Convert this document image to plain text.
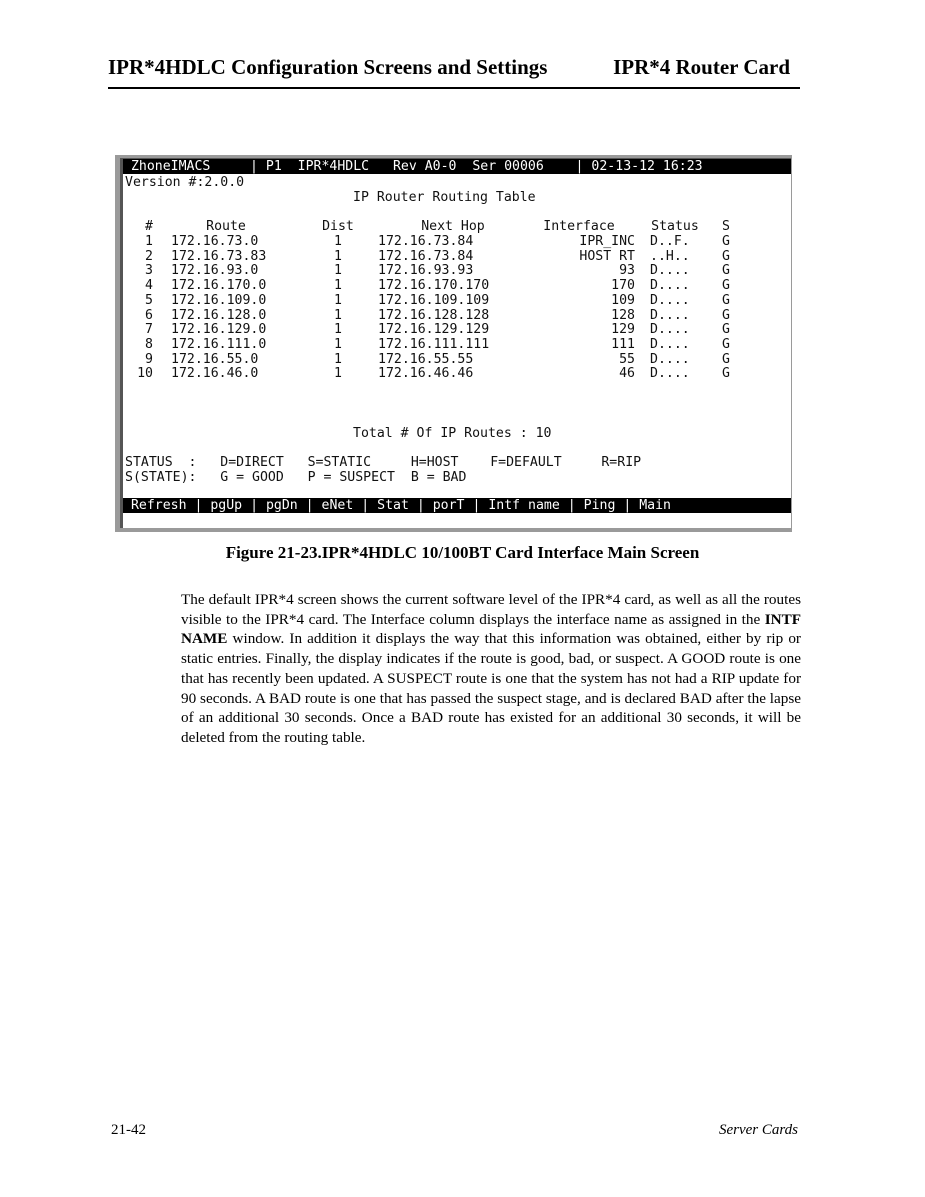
IPR*4HDLC Configuration Screens and Settings	IPR*4 Router Card
ZhoneIMACS     | P1  IPR*4HDLC   Rev A0-0  Ser 00006    | 02-13-12 16:23
Version #:2.0.0
IP Router Routing Table
#	Route	Dist	Next Hop	Interface	Status	S
1 172.16.73.0	1	172.16.73.84	IPR_INC D..F.	G
2 172.16.73.83	1	172.16.73.84	HOST RT ..H..	G
3 172.16.93.0	1	172.16.93.93	93 D....	G
4 172.16.170.0	1	172.16.170.170	170 D....	G
5 172.16.109.0	1	172.16.109.109	109 D....	G
6 172.16.128.0	1	172.16.128.128	128 D....	G
7 172.16.129.0	1	172.16.129.129	129 D....	G
8 172.16.111.0	1	172.16.111.111	111 D....	G
9 172.16.55.0	1	172.16.55.55	55 D....	G
10 172.16.46.0	1	172.16.46.46	46 D....	G
Total # Of IP Routes : 10
STATUS  :   D=DIRECT   S=STATIC     H=HOST    F=DEFAULT     R=RIP
S(STATE):   G = GOOD   P = SUSPECT  B = BAD
Refresh | pgUp | pgDn | eNet | Stat | porT | Intf name | Ping | Main
Figure 21-23.IPR*4HDLC 10/100BT Card Interface Main Screen
The default IPR*4 screen shows the current software level of the IPR*4 card, as well as all the routes visible to the IPR*4 card. The Interface column displays the interface name as assigned in the INTF NAME window. In addition it displays the way that this information was obtained, either by rip or static entries. Finally, the display indicates if the route is good, bad, or suspect. A GOOD route is one that has recently been updated. A SUSPECT route is one that the system has not had a RIP update for 90 seconds. A BAD route is one that has passed the suspect stage, and is declared BAD after the lapse of an additional 30 seconds. Once a BAD route has existed for an additional 30 seconds, it will be deleted from the routing table.
21-42	Server Cards
